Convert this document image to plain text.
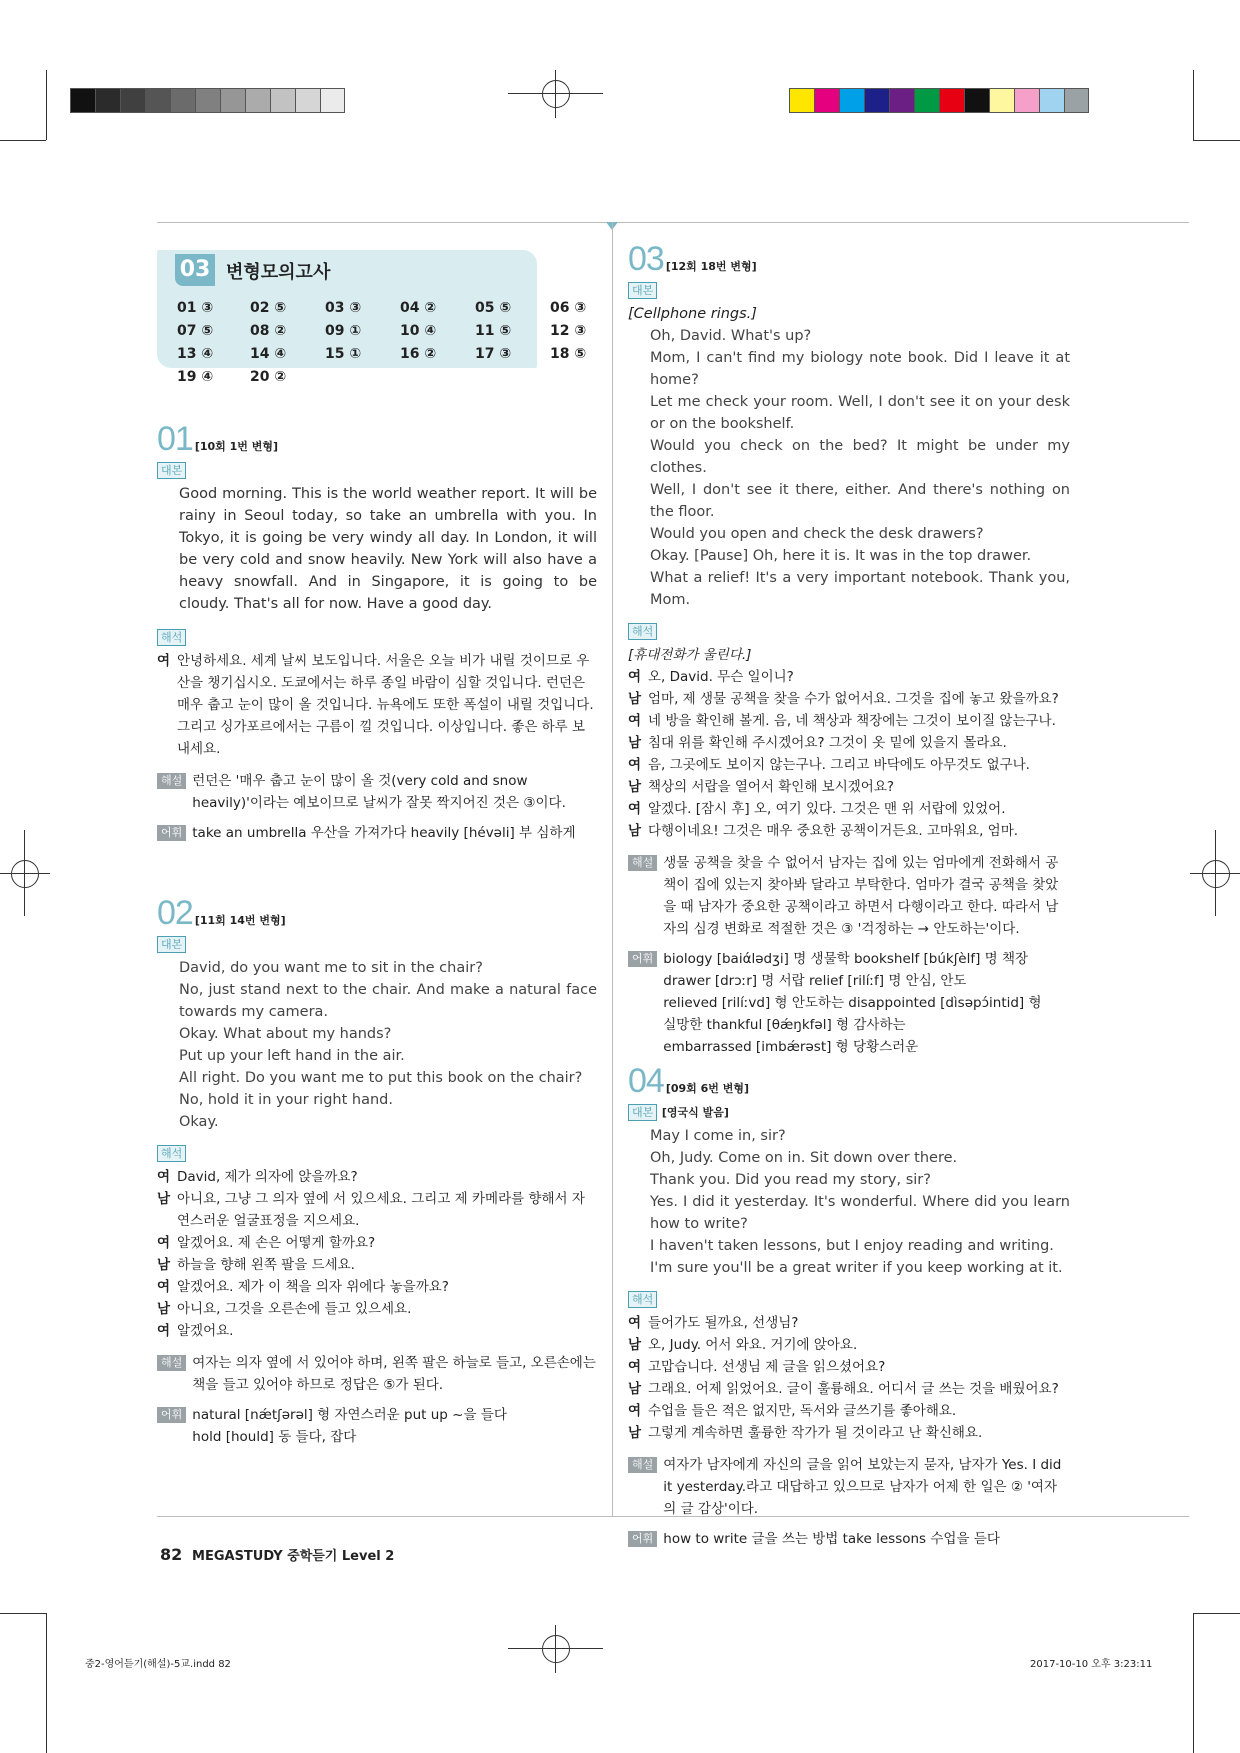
03 변형모의고사
01 ③	02 ⑤	03 ③	04 ②	05 ⑤	06 ③
07 ⑤	08 ②	09 ①	10 ④	11 ⑤	12 ③
13 ④	14 ④	15 ①	16 ②	17 ③	18 ⑤
19 ④	20 ②
01 [10회 1번 변형]
대본
Good morning. This is the world weather report. It will be rainy in Seoul today, so take an umbrella with you. In Tokyo, it is going be very windy all day. In London, it will be very cold and snow heavily. New York will also have a heavy snowfall. And in Singapore, it is going to be cloudy. That's all for now. Have a good day.
해석
여 안녕하세요. 세계 날씨 보도입니다. 서울은 오늘 비가 내릴 것이므로 우산을 챙기십시오. 도쿄에서는 하루 종일 바람이 심할 것입니다. 런던은 매우 춥고 눈이 많이 올 것입니다. 뉴욕에도 또한 폭설이 내릴 것입니다. 그리고 싱가포르에서는 구름이 낄 것입니다. 이상입니다. 좋은 하루 보내세요.
해설 런던은 '매우 춥고 눈이 많이 올 것(very cold and snow heavily)'이라는 예보이므로 날씨가 잘못 짝지어진 것은 ③이다.
어휘 take an umbrella 우산을 가져가다 heavily [hévəli] 부 심하게
02 [11회 14번 변형]
대본
David, do you want me to sit in the chair?
No, just stand next to the chair. And make a natural face towards my camera.
Okay. What about my hands?
Put up your left hand in the air.
All right. Do you want me to put this book on the chair?
No, hold it in your right hand.
Okay.
해석
여 David, 제가 의자에 앉을까요?
남 아니요, 그냥 그 의자 옆에 서 있으세요. 그리고 제 카메라를 향해서 자연스러운 얼굴표정을 지으세요.
여 알겠어요. 제 손은 어떻게 할까요?
남 하늘을 향해 왼쪽 팔을 드세요.
여 알겠어요. 제가 이 책을 의자 위에다 놓을까요?
남 아니요, 그것을 오른손에 들고 있으세요.
여 알겠어요.
해설 여자는 의자 옆에 서 있어야 하며, 왼쪽 팔은 하늘로 들고, 오른손에는 책을 들고 있어야 하므로 정답은 ⑤가 된다.
어휘 natural [nǽtʃərəl] 형 자연스러운 put up ~을 들다
hold [hould] 동 들다, 잡다
03 [12회 18번 변형]
대본
[Cellphone rings.]
Oh, David. What's up?
Mom, I can't find my biology note book. Did I leave it at home?
Let me check your room. Well, I don't see it on your desk or on the bookshelf.
Would you check on the bed? It might be under my clothes.
Well, I don't see it there, either. And there's nothing on the floor.
Would you open and check the desk drawers?
Okay. [Pause] Oh, here it is. It was in the top drawer.
What a relief! It's a very important notebook. Thank you, Mom.
해석
[휴대전화가 울린다.]
여 오, David. 무슨 일이니?
남 엄마, 제 생물 공책을 찾을 수가 없어서요. 그것을 집에 놓고 왔을까요?
여 네 방을 확인해 볼게. 음, 네 책상과 책장에는 그것이 보이질 않는구나.
남 침대 위를 확인해 주시겠어요? 그것이 옷 밑에 있을지 몰라요.
여 음, 그곳에도 보이지 않는구나. 그리고 바닥에도 아무것도 없구나.
남 책상의 서랍을 열어서 확인해 보시겠어요?
여 알겠다. [잠시 후] 오, 여기 있다. 그것은 맨 위 서랍에 있었어.
남 다행이네요! 그것은 매우 중요한 공책이거든요. 고마워요, 엄마.
해설 생물 공책을 찾을 수 없어서 남자는 집에 있는 엄마에게 전화해서 공책이 집에 있는지 찾아봐 달라고 부탁한다. 엄마가 결국 공책을 찾았을 때 남자가 중요한 공책이라고 하면서 다행이라고 한다. 따라서 남자의 심경 변화로 적절한 것은 ③ '걱정하는 → 안도하는'이다.
어휘 biology [baiάlədʒi] 명 생물학 bookshelf [búkʃèlf] 명 책장
drawer [drɔːr] 명 서랍 relief [rilíːf] 명 안심, 안도
relieved [rilíːvd] 형 안도하는 disappointed [dìsəpɔ́intid] 형
실망한 thankful [θǽŋkfəl] 형 감사하는
embarrassed [imbǽrəst] 형 당황스러운
04 [09회 6번 변형]
대본 [영국식 발음]
May I come in, sir?
Oh, Judy. Come on in. Sit down over there.
Thank you. Did you read my story, sir?
Yes. I did it yesterday. It's wonderful. Where did you learn how to write?
I haven't taken lessons, but I enjoy reading and writing.
I'm sure you'll be a great writer if you keep working at it.
해석
여 들어가도 될까요, 선생님?
남 오, Judy. 어서 와요. 거기에 앉아요.
여 고맙습니다. 선생님 제 글을 읽으셨어요?
남 그래요. 어제 읽었어요. 글이 훌륭해요. 어디서 글 쓰는 것을 배웠어요?
여 수업을 들은 적은 없지만, 독서와 글쓰기를 좋아해요.
남 그렇게 계속하면 훌륭한 작가가 될 것이라고 난 확신해요.
해설 여자가 남자에게 자신의 글을 읽어 보았는지 묻자, 남자가 Yes. I did it yesterday.라고 대답하고 있으므로 남자가 어제 한 일은 ② '여자의 글 감상'이다.
어휘 how to write 글을 쓰는 방법 take lessons 수업을 듣다
82 MEGASTUDY 중학듣기 Level 2
중2-영어듣기(해설)-5교.indd 82	2017-10-10 오후 3:23:11
